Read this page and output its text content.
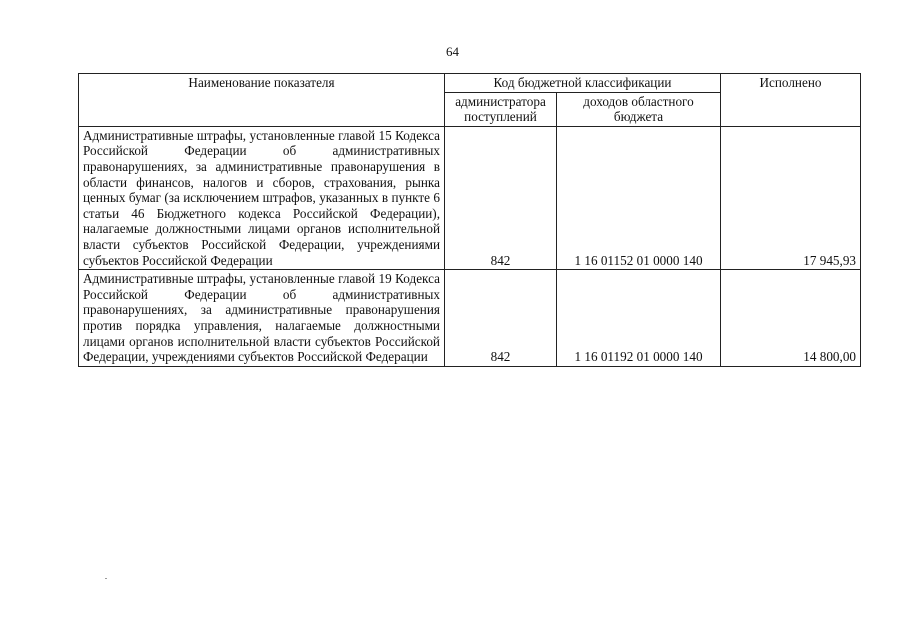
64
Наименование показателя	Код бюджетной классификации		Исполнено
	администратора поступлений	доходов областного бюджета	
Административные штрафы, установленные главой 15 Кодекса Российской Федерации об административных правонарушениях, за административные правонарушения в области финансов, налогов и сборов, страхования, рынка ценных бумаг (за исключением штрафов, указанных в пункте 6 статьи 46 Бюджетного кодекса Российской Федерации), налагаемые должностными лицами органов исполнительной власти субъектов Российской Федерации, учреждениями субъектов Российской Федерации	842	1 16 01152 01 0000 140	17 945,93
Административные штрафы, установленные главой 19 Кодекса Российской Федерации об административных правонарушениях, за административные правонарушения против порядка управления, налагаемые должностными лицами органов исполнительной власти субъектов Российской Федерации, учреждениями субъектов Российской Федерации	842	1 16 01192 01 0000 140	14 800,00
